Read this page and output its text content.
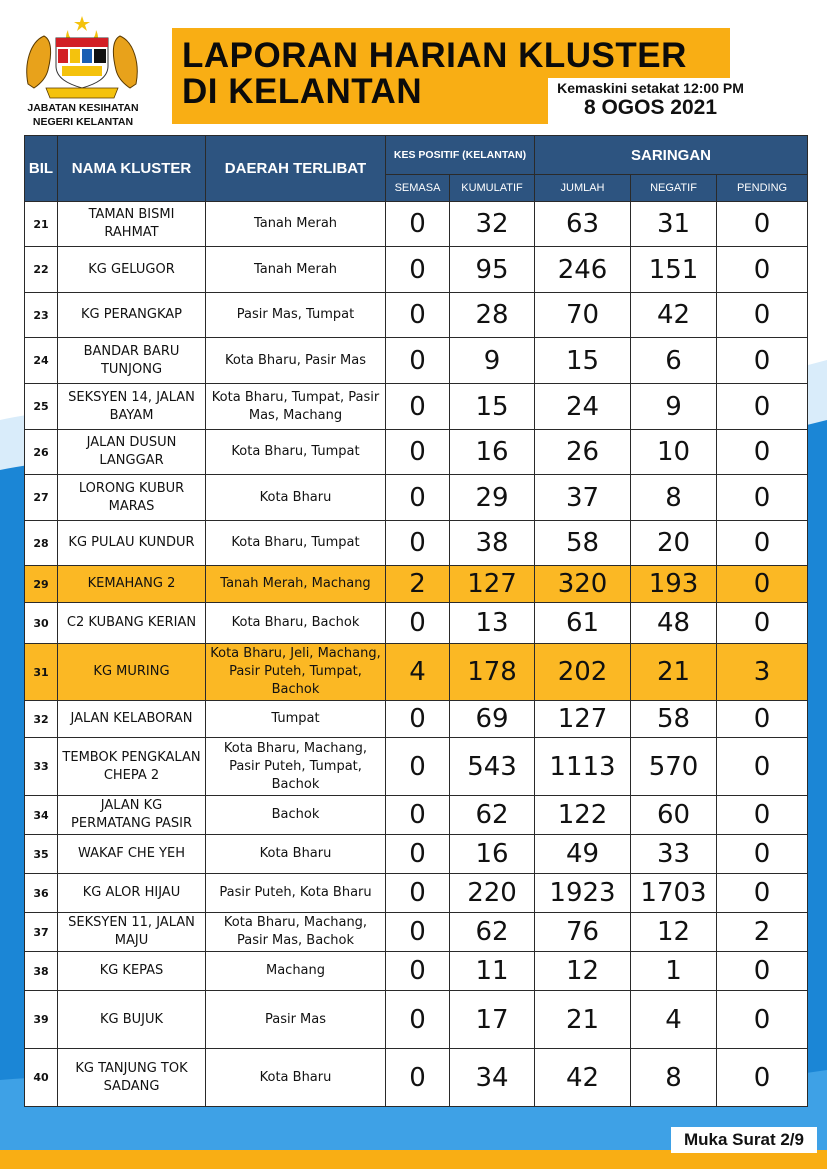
JABATAN KESIHATAN
NEGERI KELANTAN
LAPORAN HARIAN KLUSTER
DI KELANTAN	Kemaskini setakat 12:00 PM
8 OGOS 2021
BIL	NAMA KLUSTER	DAERAH TERLIBAT	KES POSITIF (KELANTAN)		SARINGAN		
			SEMASA	KUMULATIF	JUMLAH	NEGATIF	PENDING
21	TAMAN BISMI RAHMAT	Tanah Merah	0	32	63	31	0
22	KG GELUGOR	Tanah Merah	0	95	246	151	0
23	KG PERANGKAP	Pasir Mas, Tumpat	0	28	70	42	0
24	BANDAR BARU TUNJONG	Kota Bharu, Pasir Mas	0	9	15	6	0
25	SEKSYEN 14, JALAN BAYAM	Kota Bharu, Tumpat, Pasir Mas, Machang	0	15	24	9	0
26	JALAN DUSUN LANGGAR	Kota Bharu, Tumpat	0	16	26	10	0
27	LORONG KUBUR MARAS	Kota Bharu	0	29	37	8	0
28	KG PULAU KUNDUR	Kota Bharu, Tumpat	0	38	58	20	0
29	KEMAHANG 2	Tanah Merah, Machang	2	127	320	193	0
30	C2 KUBANG KERIAN	Kota Bharu, Bachok	0	13	61	48	0
31	KG MURING	Kota Bharu, Jeli, Machang, Pasir Puteh, Tumpat, Bachok	4	178	202	21	3
32	JALAN KELABORAN	Tumpat	0	69	127	58	0
33	TEMBOK PENGKALAN CHEPA 2	Kota Bharu, Machang, Pasir Puteh, Tumpat, Bachok	0	543	1113	570	0
34	JALAN KG PERMATANG PASIR	Bachok	0	62	122	60	0
35	WAKAF CHE YEH	Kota Bharu	0	16	49	33	0
36	KG ALOR HIJAU	Pasir Puteh, Kota Bharu	0	220	1923	1703	0
37	SEKSYEN 11, JALAN MAJU	Kota Bharu, Machang, Pasir Mas, Bachok	0	62	76	12	2
38	KG KEPAS	Machang	0	11	12	1	0
39	KG BUJUK	Pasir Mas	0	17	21	4	0
40	KG TANJUNG TOK SADANG	Kota Bharu	0	34	42	8	0
Muka Surat 2/9
